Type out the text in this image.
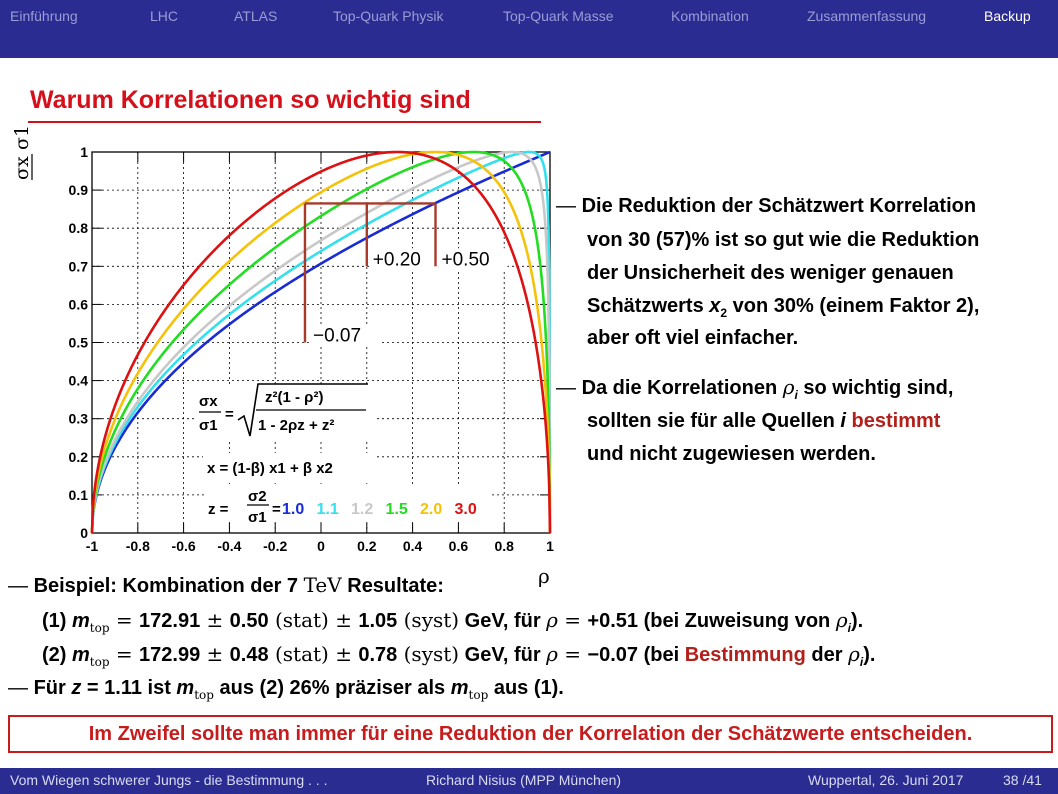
Einführung	LHC	ATLAS	Top-Quark Physik	Top-Quark Masse	Kombination	Zusammenfassung	Backup
Warum Korrelationen so wichtig sind
−0.07
+0.20 +0.50
-1 -0.8 -0.6 -0.4 -0.2 0 0.2 0.4 0.6 0.8 1
0
0.1
0.2
0.3
0.4
0.5
0.6
0.7
0.8
0.9
1
ρ
σx
σ1
σx
σ1
=
z²(1 - ρ²)
1 - 2ρz + z²
x = (1-β) x1 + β x2
z =
σ2
σ1 = 1.0 1.1 1.2 1.5 2.0 3.0
— Die Reduktion der Schätzwert Korrelation
von 30 (57)% ist so gut wie die Reduktion
der Unsicherheit des weniger genauen
Schätzwerts $x_2$ von 30% (einem Faktor 2),
aber oft viel einfacher.
— Da die Korrelationen $\rho_i$ so wichtig sind,
sollten sie für alle Quellen i bestimmt
und nicht zugewiesen werden.
— Beispiel: Kombination der 7 TeV Resultate:
(1) $m_{top} = 172.91 \pm 0.50$ (stat) ± 1.05 (syst) GeV, für ρ = +0.51 (bei Zuweisung von $\rho_i$).
(2) $m_{top} = 172.99 \pm 0.48$ (stat) ± 0.78 (syst) GeV, für ρ = −0.07 (bei Bestimmung der $\rho_i$).
— Für z = 1.11 ist $m_{top}$ aus (2) 26% präziser als $m_{top}$ aus (1).
Im Zweifel sollte man immer für eine Reduktion der Korrelation der Schätzwerte entscheiden.
Vom Wiegen schwerer Jungs - die Bestimmung . . .	Richard Nisius (MPP München)	Wuppertal, 26. Juni 2017	38 /41
